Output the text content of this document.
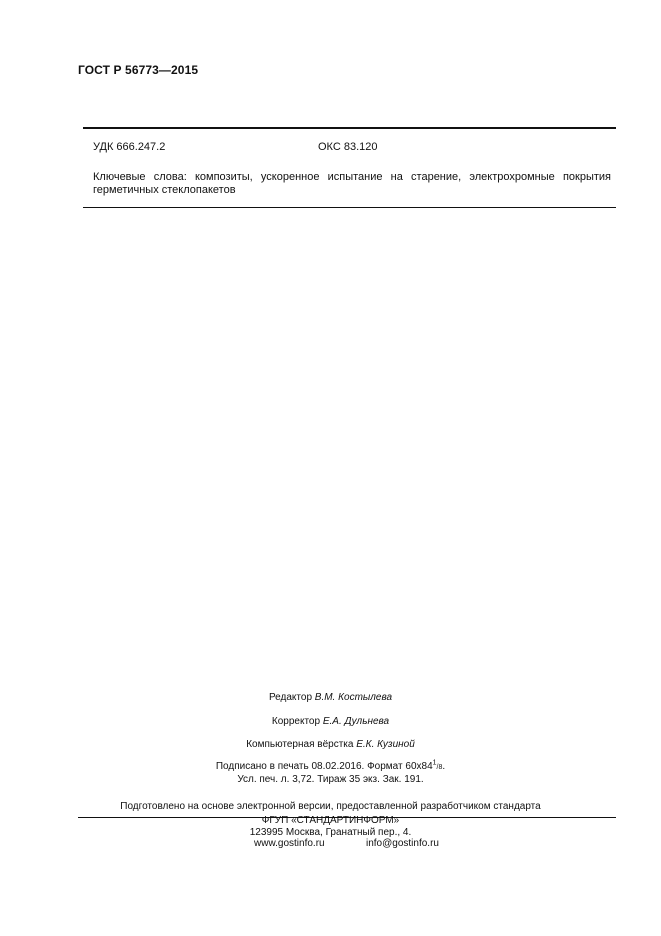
ГОСТ Р 56773—2015
УДК 666.247.2	ОКС 83.120
Ключевые слова: композиты, ускоренное испытание на старение, электрохромные покрытия герметичных стеклопакетов
Редактор В.М. Костылева
Корректор Е.А. Дульнева
Компьютерная вёрстка Е.К. Кузиной
Подписано в печать 08.02.2016. Формат $60х84^1/8$.
Усл. печ. л. 3,72. Тираж 35 экз. Зак. 191.
Подготовлено на основе электронной версии, предоставленной разработчиком стандарта
ФГУП «СТАНДАРТИНФОРМ»
123995 Москва, Гранатный пер., 4.
www.gostinfo.ru	info@gostinfo.ru
